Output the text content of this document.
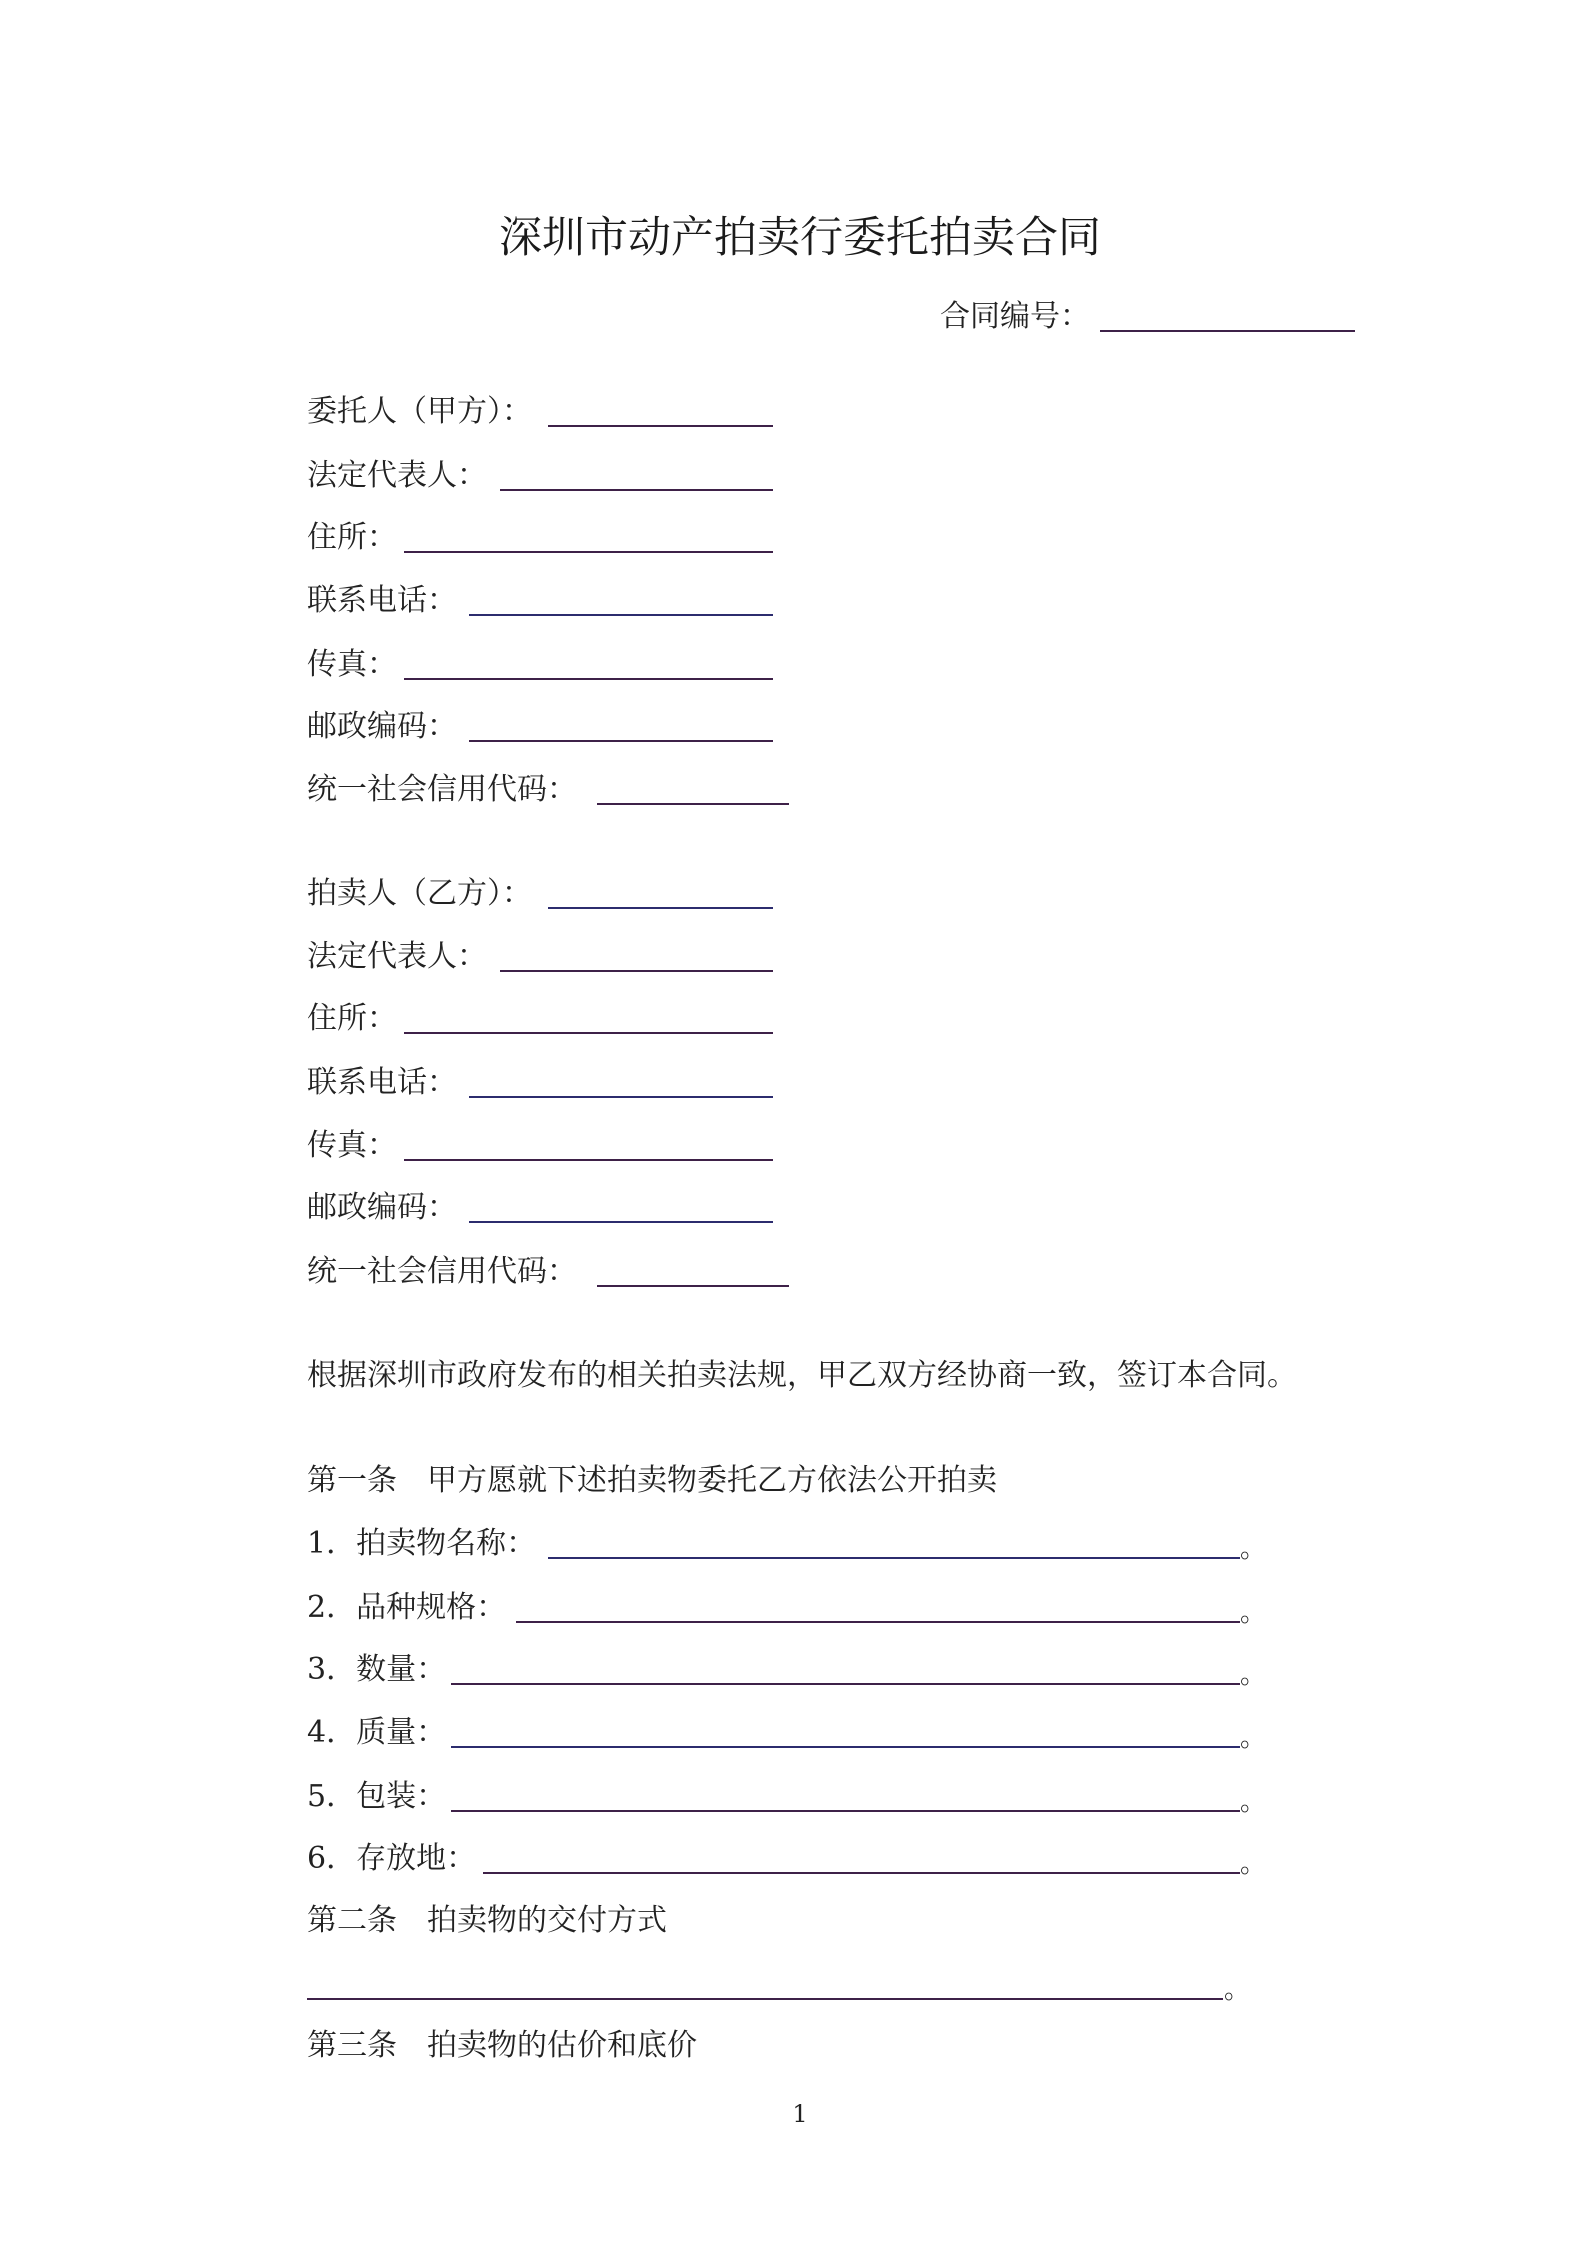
深圳市动产拍卖行委托拍卖合同
合同编号：
委托人（甲方）：
法定代表人：
住所：
联系电话：
传真：
邮政编码：
统一社会信用代码：
拍卖人（乙方）：
法定代表人：
住所：
联系电话：
传真：
邮政编码：
统一社会信用代码：
根据深圳市政府发布的相关拍卖法规，甲乙双方经协商一致，签订本合同。
第一条　甲方愿就下述拍卖物委托乙方依法公开拍卖
1．拍卖物名称：	。
2．品种规格：	。
3．数量：	。
4．质量：	。
5．包装：	。
6．存放地：	。
第二条　拍卖物的交付方式
。
第三条　拍卖物的估价和底价
1
